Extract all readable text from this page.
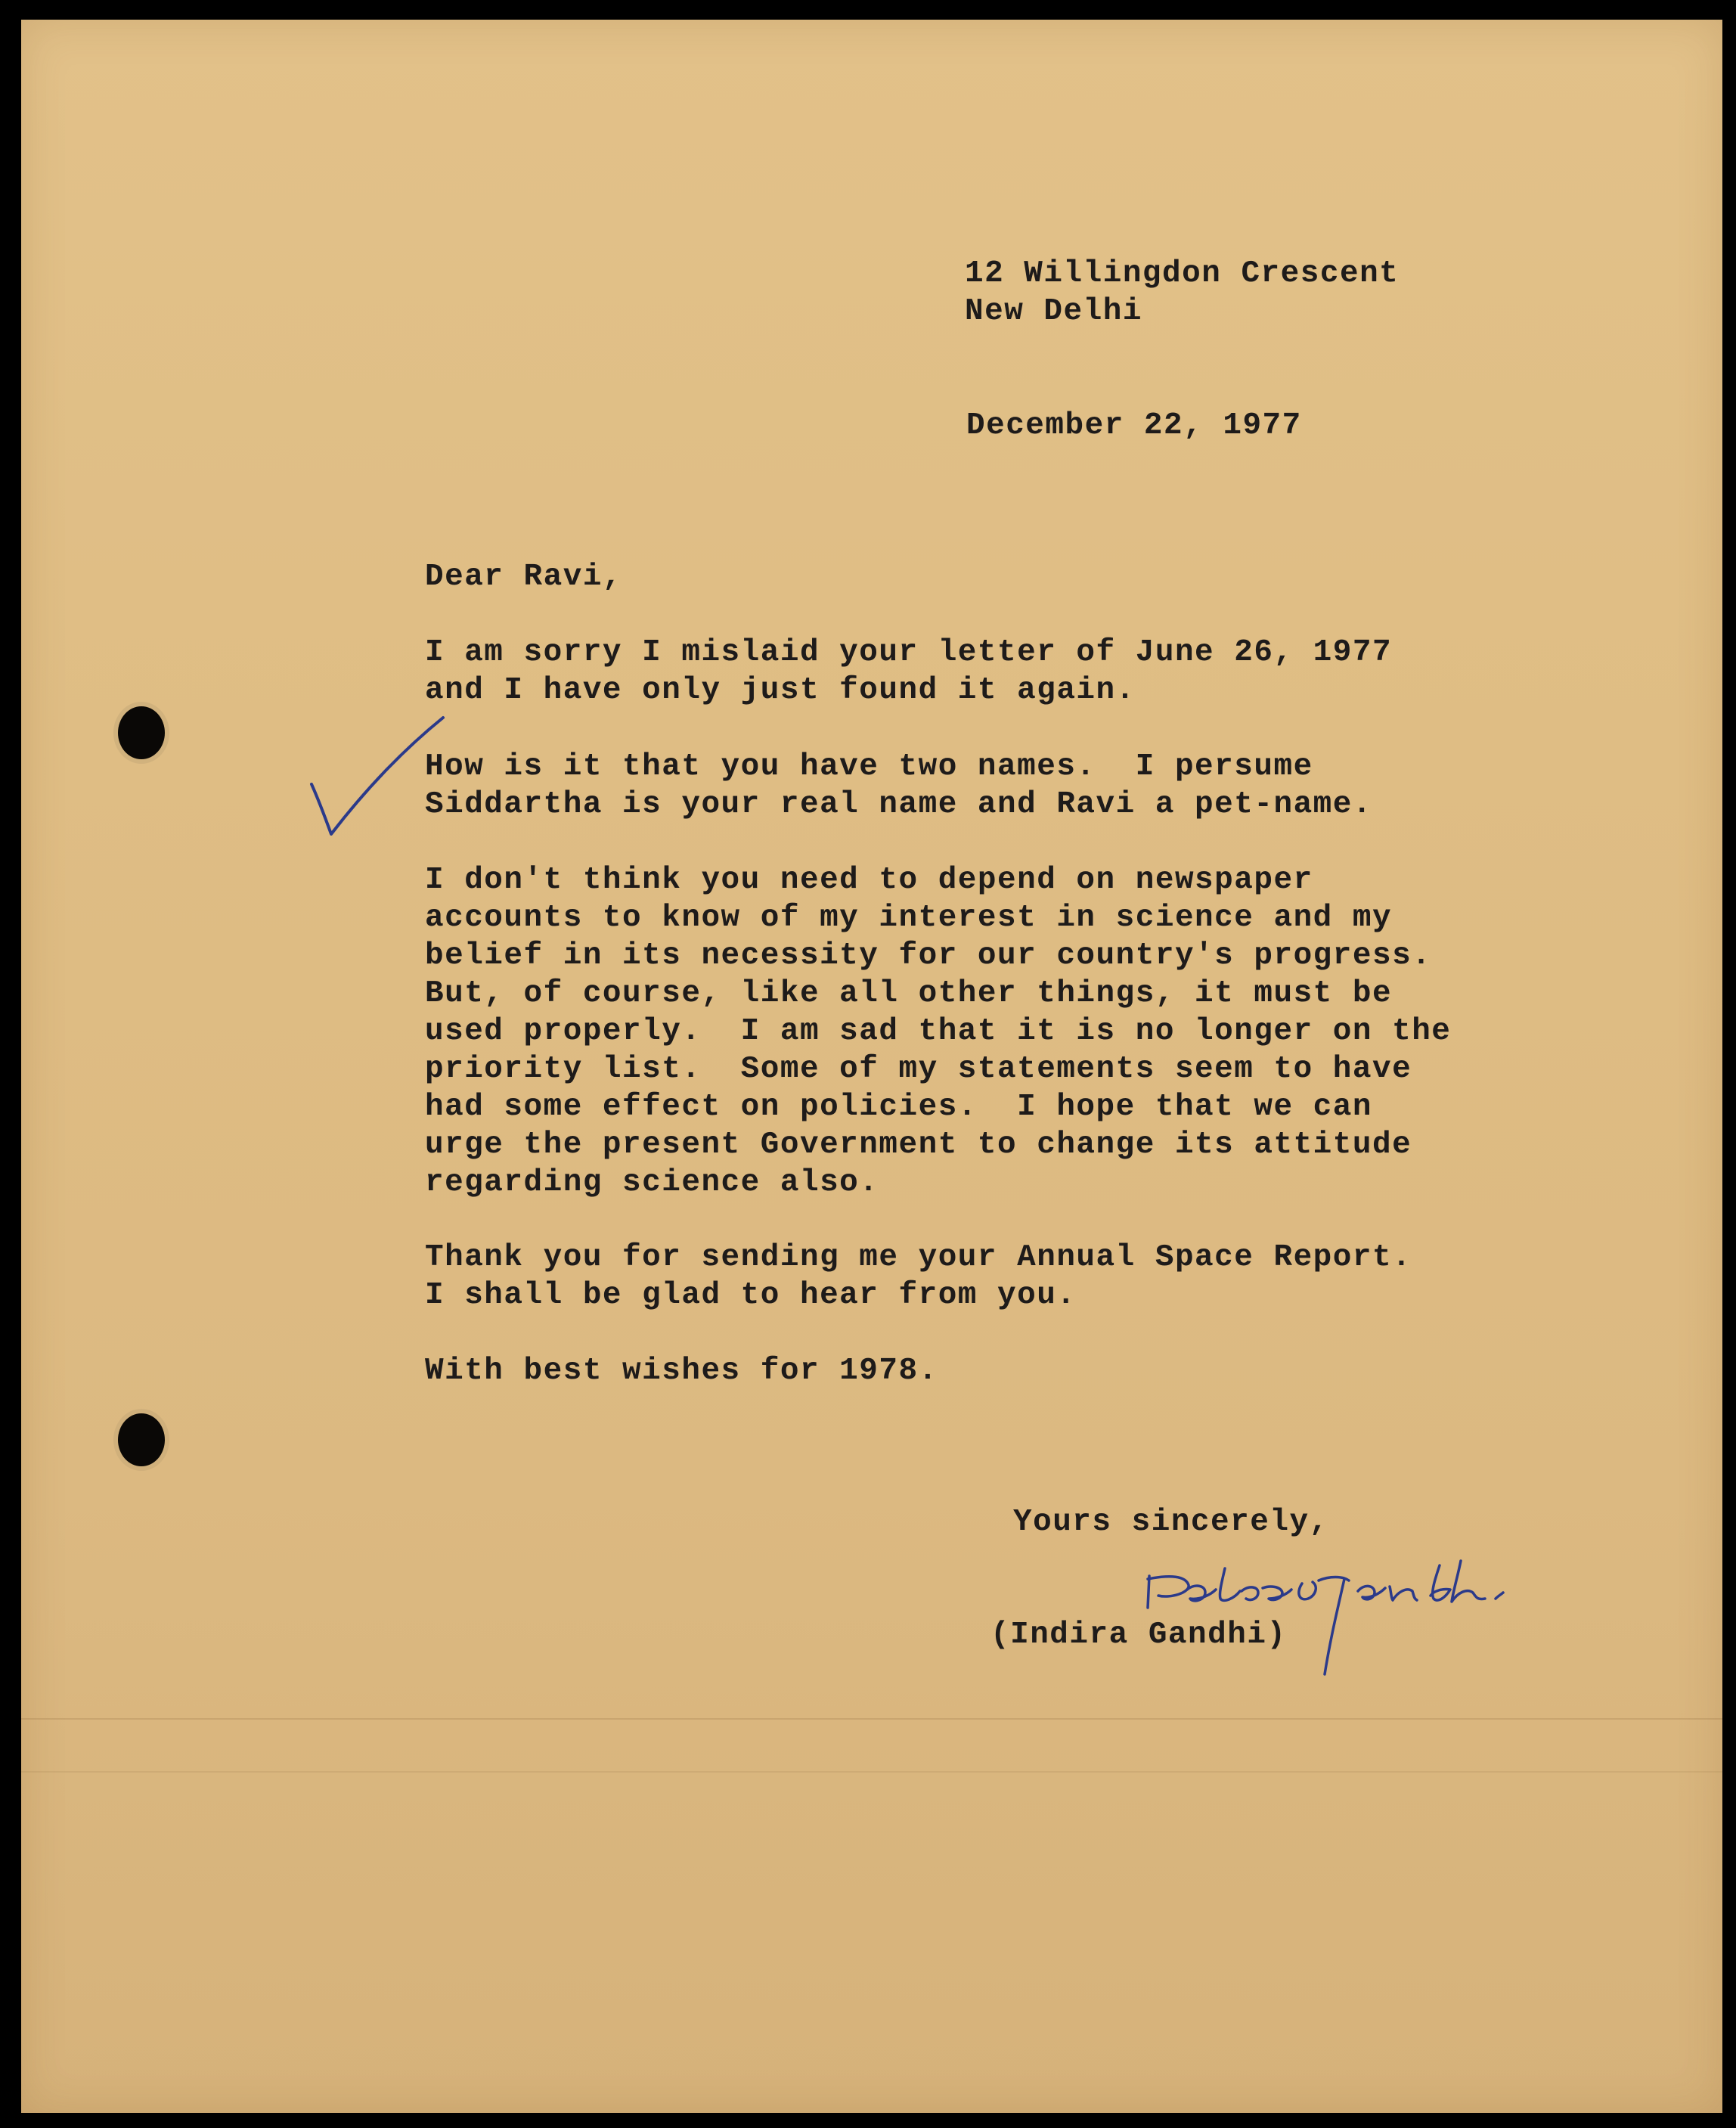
12 Willingdon Crescent

New Delhi

December 22, 1977

Dear Ravi,

I am sorry I mislaid your letter of June 26, 1977
and I have only just found it again.

How is it that you have two names.  I persume
Siddartha is your real name and Ravi a pet-name.

I don't think you need to depend on newspaper
accounts to know of my interest in science and my
belief in its necessity for our country's progress.
But, of course, like all other things, it must be
used properly.  I am sad that it is no longer on the
priority list.  Some of my statements seem to have
had some effect on policies.  I hope that we can
urge the present Government to change its attitude
regarding science also.

Thank you for sending me your Annual Space Report.
I shall be glad to hear from you.

With best wishes for 1978.

Yours sincerely,

(Indira Gandhi)
